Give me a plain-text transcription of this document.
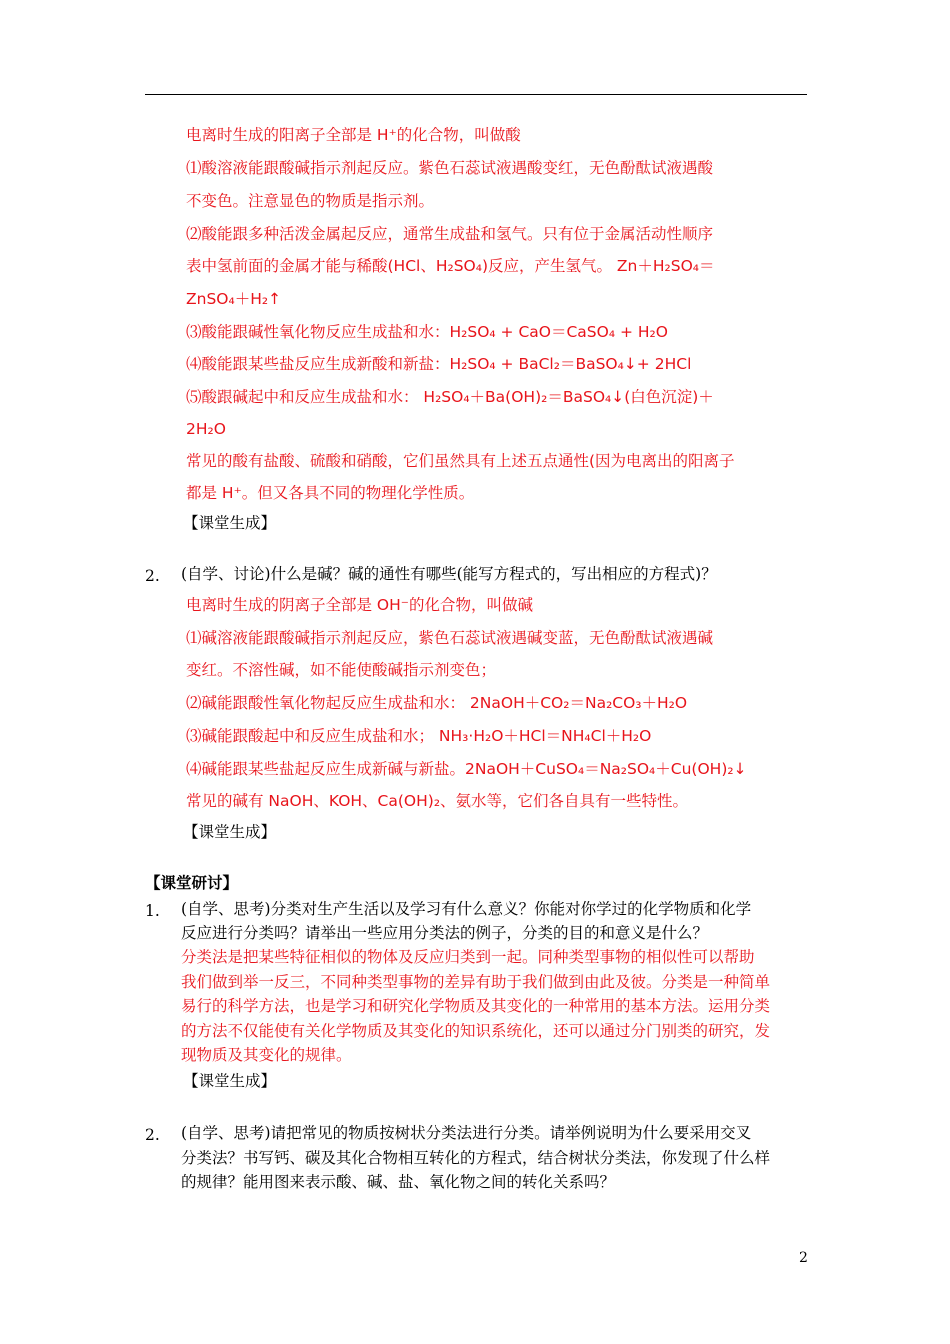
电离时生成的阳离子全部是 H⁺的化合物，叫做酸
⑴酸溶液能跟酸碱指示剂起反应。紫色石蕊试液遇酸变红，无色酚酞试液遇酸
不变色。注意显色的物质是指示剂。
⑵酸能跟多种活泼金属起反应，通常生成盐和氢气。只有位于金属活动性顺序
表中氢前面的金属才能与稀酸(HCl、H₂SO₄)反应，产生氢气。 Zn＋H₂SO₄＝
ZnSO₄＋H₂↑
⑶酸能跟碱性氧化物反应生成盐和水：H₂SO₄ + CaO＝CaSO₄ + H₂O
⑷酸能跟某些盐反应生成新酸和新盐：H₂SO₄ + BaCl₂＝BaSO₄↓+ 2HCl
⑸酸跟碱起中和反应生成盐和水： H₂SO₄＋Ba(OH)₂＝BaSO₄↓(白色沉淀)＋
2H₂O
常见的酸有盐酸、硫酸和硝酸，它们虽然具有上述五点通性(因为电离出的阳离子
都是 H⁺。但又各具不同的物理化学性质。
【课堂生成】
2. (自学、讨论)什么是碱？碱的通性有哪些(能写方程式的，写出相应的方程式)？
电离时生成的阴离子全部是 OH⁻的化合物，叫做碱
⑴碱溶液能跟酸碱指示剂起反应，紫色石蕊试液遇碱变蓝，无色酚酞试液遇碱
变红。不溶性碱，如不能使酸碱指示剂变色；
⑵碱能跟酸性氧化物起反应生成盐和水： 2NaOH＋CO₂＝Na₂CO₃＋H₂O
⑶碱能跟酸起中和反应生成盐和水； NH₃·H₂O＋HCl＝NH₄Cl＋H₂O
⑷碱能跟某些盐起反应生成新碱与新盐。2NaOH＋CuSO₄＝Na₂SO₄＋Cu(OH)₂↓
常见的碱有 NaOH、KOH、Ca(OH)₂、氨水等，它们各自具有一些特性。
【课堂生成】
【课堂研讨】
1. (自学、思考)分类对生产生活以及学习有什么意义？你能对你学过的化学物质和化学
反应进行分类吗？请举出一些应用分类法的例子，分类的目的和意义是什么？
分类法是把某些特征相似的物体及反应归类到一起。同种类型事物的相似性可以帮助
我们做到举一反三，不同种类型事物的差异有助于我们做到由此及彼。分类是一种简单
易行的科学方法，也是学习和研究化学物质及其变化的一种常用的基本方法。运用分类
的方法不仅能使有关化学物质及其变化的知识系统化，还可以通过分门别类的研究，发
现物质及其变化的规律。
【课堂生成】
2. (自学、思考)请把常见的物质按树状分类法进行分类。请举例说明为什么要采用交叉
分类法？书写钙、碳及其化合物相互转化的方程式，结合树状分类法，你发现了什么样
的规律？能用图来表示酸、碱、盐、氧化物之间的转化关系吗？
2
